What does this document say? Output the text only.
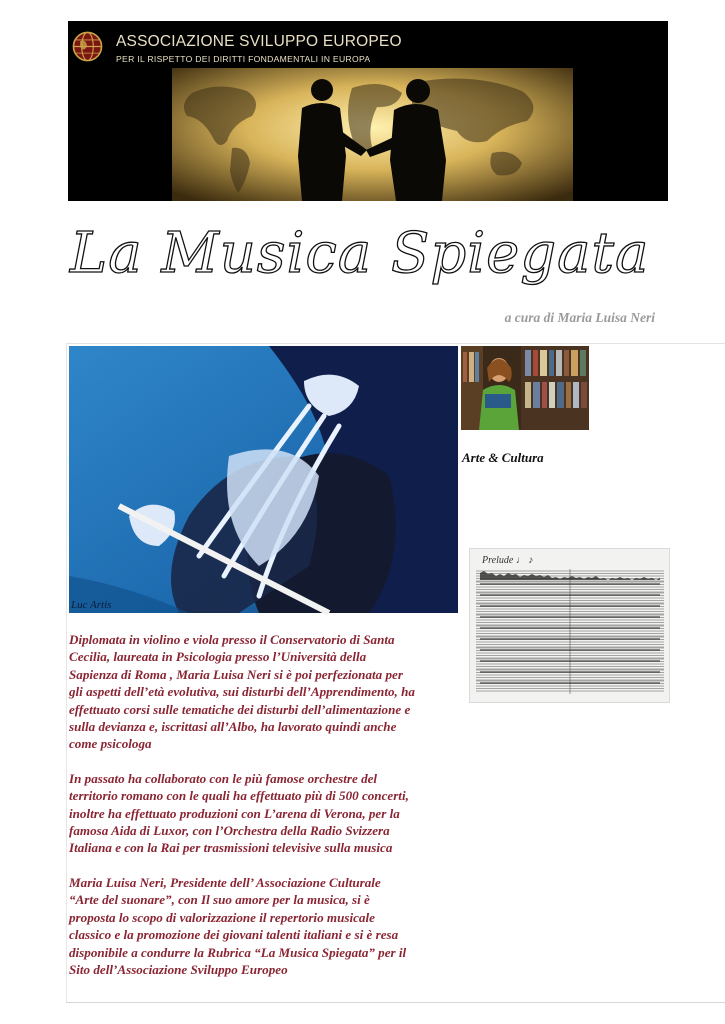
ASSOCIAZIONE SVILUPPO EUROPEO
PER IL RISPETTO DEI DIRITTI FONDAMENTALI IN EUROPA
La Musica Spiegata
a cura di Maria Luisa Neri
Luc Artis
Arte & Cultura
Prelude ♩ ♪

Diplomata in violino e viola presso il Conservatorio di Santa
Cecilia, laureata in Psicologia presso l’Università della
Sapienza di Roma , Maria Luisa Neri si è poi perfezionata per
gli aspetti dell’età evolutiva, sui disturbi dell’Apprendimento, ha
effettuato corsi sulle tematiche dei disturbi dell’alimentazione e
sulla devianza e, iscrittasi all’Albo, ha lavorato quindi anche
come psicologa

In passato ha collaborato con le più famose orchestre del
territorio romano con le quali ha effettuato più di 500 concerti,
inoltre ha effettuato produzioni con L’arena di Verona, per la
famosa Aida di Luxor, con l’Orchestra della Radio Svizzera
Italiana e con la Rai per trasmissioni televisive sulla musica

Maria Luisa Neri, Presidente dell’ Associazione Culturale
“Arte del suonare”, con Il suo amore per la musica, si è
proposta lo scopo di valorizzazione il repertorio musicale
classico e la promozione dei giovani talenti italiani e si è resa
disponibile a condurre la Rubrica “La Musica Spiegata” per il
Sito dell’Associazione Sviluppo Europeo
